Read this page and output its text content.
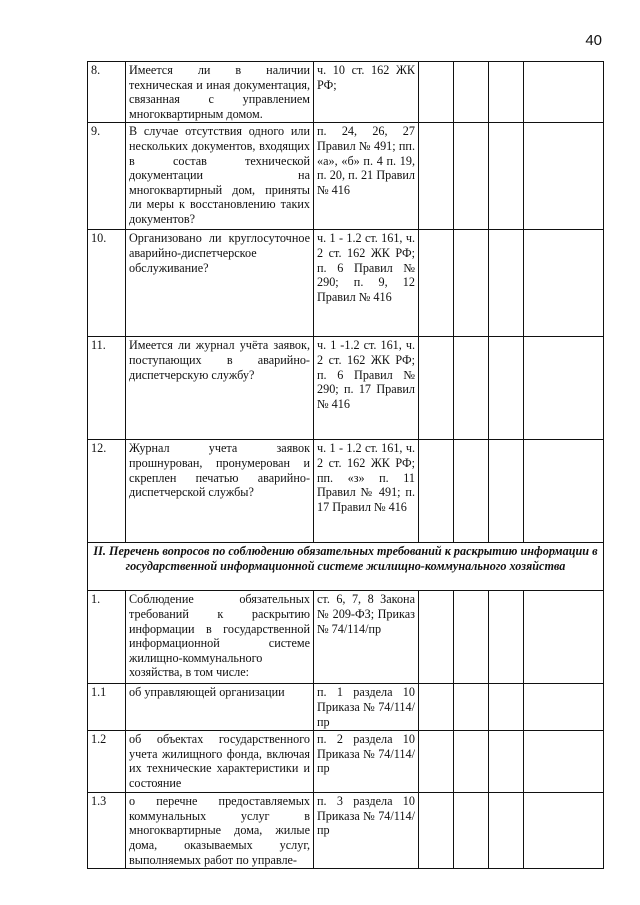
40
8.	Имеется ли в наличии техническая и иная документация, связанная с управлением многоквартирным домом.	ч. 10 ст. 162 ЖК РФ;				
9.	В случае отсутствия одного или нескольких документов, входящих в состав технической документации на многоквартирный дом, приняты ли меры к восстановлению таких документов?	п. 24, 26, 27 Правил № 491; пп. «а», «б» п. 4 п. 19, п. 20, п. 21 Правил № 416				
10.	Организовано ли круглосуточное аварийно-диспетчерское обслуживание?	ч. 1 - 1.2 ст. 161, ч. 2 ст. 162 ЖК РФ; п. 6 Правил № 290; п. 9, 12 Правил № 416				
11.	Имеется ли журнал учёта заявок, поступающих в аварийно-диспетчерскую службу?	ч. 1 -1.2 ст. 161, ч. 2 ст. 162 ЖК РФ; п. 6 Правил № 290; п. 17 Правил № 416				
12.	Журнал учета заявок прошнурован, пронумерован и скреплен печатью аварийно-диспетчерской службы?	ч. 1 - 1.2 ст. 161, ч. 2 ст. 162 ЖК РФ; пп. «з» п. 11 Правил № 491; п. 17 Правил № 416				
II. Перечень вопросов по соблюдению обязательных требований к раскрытию информации в государственной информационной системе жилищно-коммунального хозяйства						
1.	Соблюдение обязательных требований к раскрытию информации в государственной информационной системе жилищно-коммунального хозяйства, в том числе:	ст. 6, 7, 8 Закона № 209-ФЗ; Приказ № 74/114/пр				
1.1	об управляющей организации	п. 1 раздела 10 Приказа № 74/114/пр				
1.2	об объектах государственного учета жилищного фонда, включая их технические характеристики и состояние	п. 2 раздела 10 Приказа № 74/114/пр				
1.3	о перечне предоставляемых коммунальных услуг в многоквартирные дома, жилые дома, оказываемых услуг, выполняемых работ по управле-	п. 3 раздела 10 Приказа № 74/114/пр				
